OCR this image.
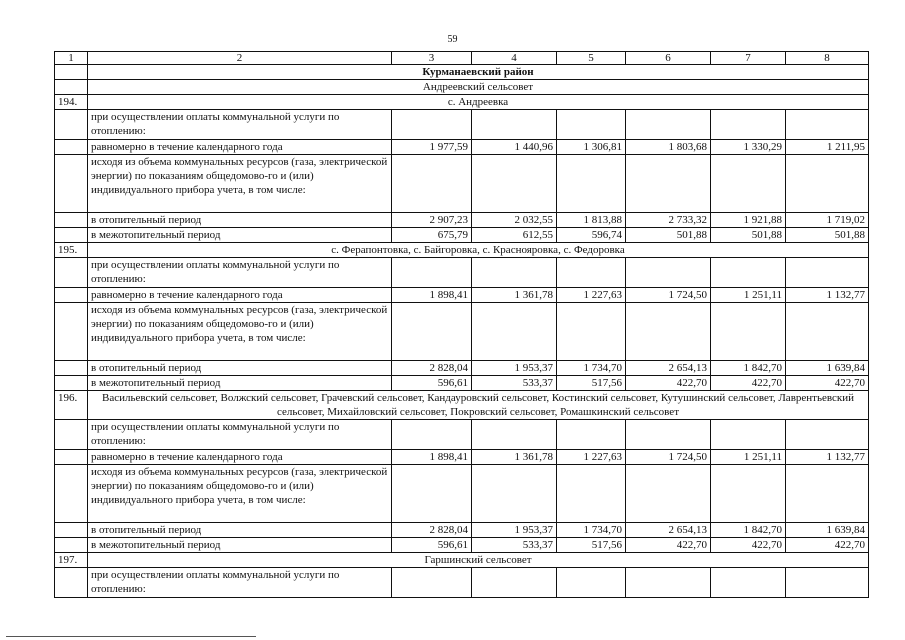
59
1	2	3	4	5	6	7	8
	Курманаевский район						
	Андреевский сельсовет						
194.	с. Андреевка						
	при осуществлении оплаты коммунальной услуги по отоплению:						
	равномерно в течение календарного года	1 977,59	1 440,96	1 306,81	1 803,68	1 330,29	1 211,95
	исходя из объема коммунальных ресурсов (газа, электрической энергии) по показаниям общедомово-го и (или) индивидуального прибора учета, в том числе:						
	в отопительный период	2 907,23	2 032,55	1 813,88	2 733,32	1 921,88	1 719,02
	в межотопительный период	675,79	612,55	596,74	501,88	501,88	501,88
195.	с. Ферапонтовка, с. Байгоровка, с. Краснояровка, с. Федоровка						
	при осуществлении оплаты коммунальной услуги по отоплению:						
	равномерно в течение календарного года	1 898,41	1 361,78	1 227,63	1 724,50	1 251,11	1 132,77
	исходя из объема коммунальных ресурсов (газа, электрической энергии) по показаниям общедомово-го и (или) индивидуального прибора учета, в том числе:						
	в отопительный период	2 828,04	1 953,37	1 734,70	2 654,13	1 842,70	1 639,84
	в межотопительный период	596,61	533,37	517,56	422,70	422,70	422,70
196.	Васильевский сельсовет, Волжский сельсовет, Грачевский сельсовет, Кандауровский сельсовет, Костинский сельсовет, Кутушинский сельсовет, Лаврентьевский сельсовет, Михайловский сельсовет, Покровский сельсовет, Ромашкинский сельсовет						
	при осуществлении оплаты коммунальной услуги по отоплению:						
	равномерно в течение календарного года	1 898,41	1 361,78	1 227,63	1 724,50	1 251,11	1 132,77
	исходя из объема коммунальных ресурсов (газа, электрической энергии) по показаниям общедомово-го и (или) индивидуального прибора учета, в том числе:						
	в отопительный период	2 828,04	1 953,37	1 734,70	2 654,13	1 842,70	1 639,84
	в межотопительный период	596,61	533,37	517,56	422,70	422,70	422,70
197.	Гаршинский сельсовет						
	при осуществлении оплаты коммунальной услуги по отоплению:						
